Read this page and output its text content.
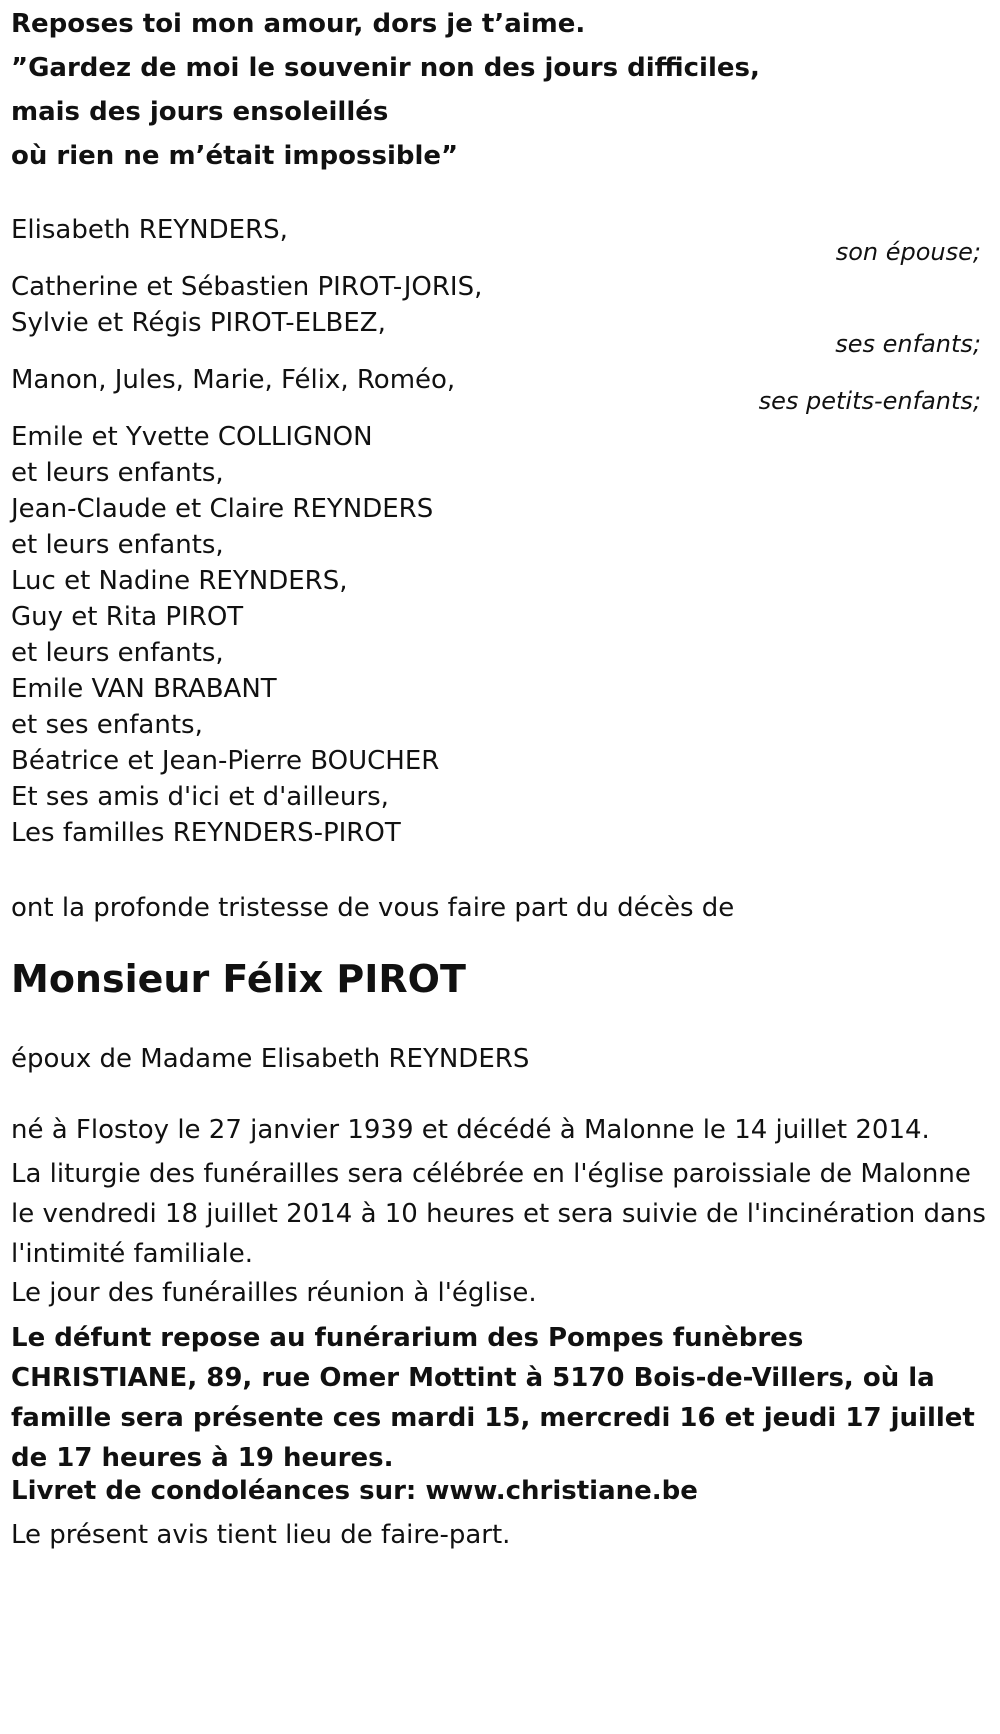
Reposes toi mon amour, dors je t’aime.
”Gardez de moi le souvenir non des jours difficiles,
mais des jours ensoleillés
où rien ne m’était impossible”
Elisabeth REYNDERS,
son épouse;
Catherine et Sébastien PIROT-JORIS,
Sylvie et Régis PIROT-ELBEZ,
ses enfants;
Manon, Jules, Marie, Félix, Roméo,
ses petits-enfants;
Emile et Yvette COLLIGNON
et leurs enfants,
Jean-Claude et Claire REYNDERS
et leurs enfants,
Luc et Nadine REYNDERS,
Guy et Rita PIROT
et leurs enfants,
Emile VAN BRABANT
et ses enfants,
Béatrice et Jean-Pierre BOUCHER
Et ses amis d'ici et d'ailleurs,
Les familles REYNDERS-PIROT
ont la profonde tristesse de vous faire part du décès de
Monsieur Félix PIROT
époux de Madame Elisabeth REYNDERS
né à Flostoy le 27 janvier 1939 et décédé à Malonne le 14 juillet 2014.
La liturgie des funérailles sera célébrée en l'église paroissiale de Malonne le vendredi 18 juillet 2014 à 10 heures et sera suivie de l'incinération dans l'intimité familiale.
Le jour des funérailles réunion à l'église.
Le défunt repose au funérarium des Pompes funèbres CHRISTIANE, 89, rue Omer Mottint à 5170 Bois-de-Villers, où la famille sera présente ces mardi 15, mercredi 16 et jeudi 17 juillet de 17 heures à 19 heures.
Livret de condoléances sur: www.christiane.be
Le présent avis tient lieu de faire-part.
